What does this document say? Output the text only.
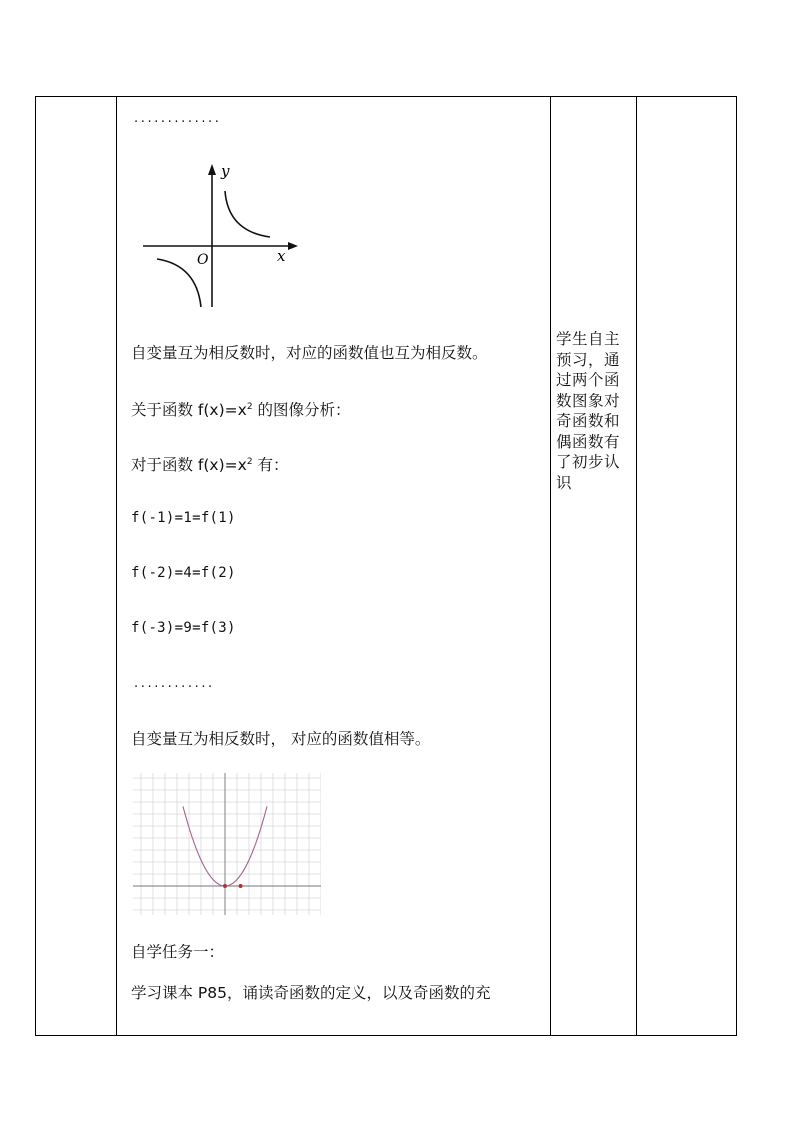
.............
y
x
O
自变量互为相反数时，对应的函数值也互为相反数。
关于函数 $f(x)=x^2$ 的图像分析：
对于函数 $f(x)=x^2$ 有：
f(-1)=1=f(1)
f(-2)=4=f(2)
f(-3)=9=f(3)
............
自变量互为相反数时， 对应的函数值相等。
自学任务一：
学习课本 P85，诵读奇函数的定义，以及奇函数的充
学生自主预习，通过两个函数图象对奇函数和偶函数有了初步认识
